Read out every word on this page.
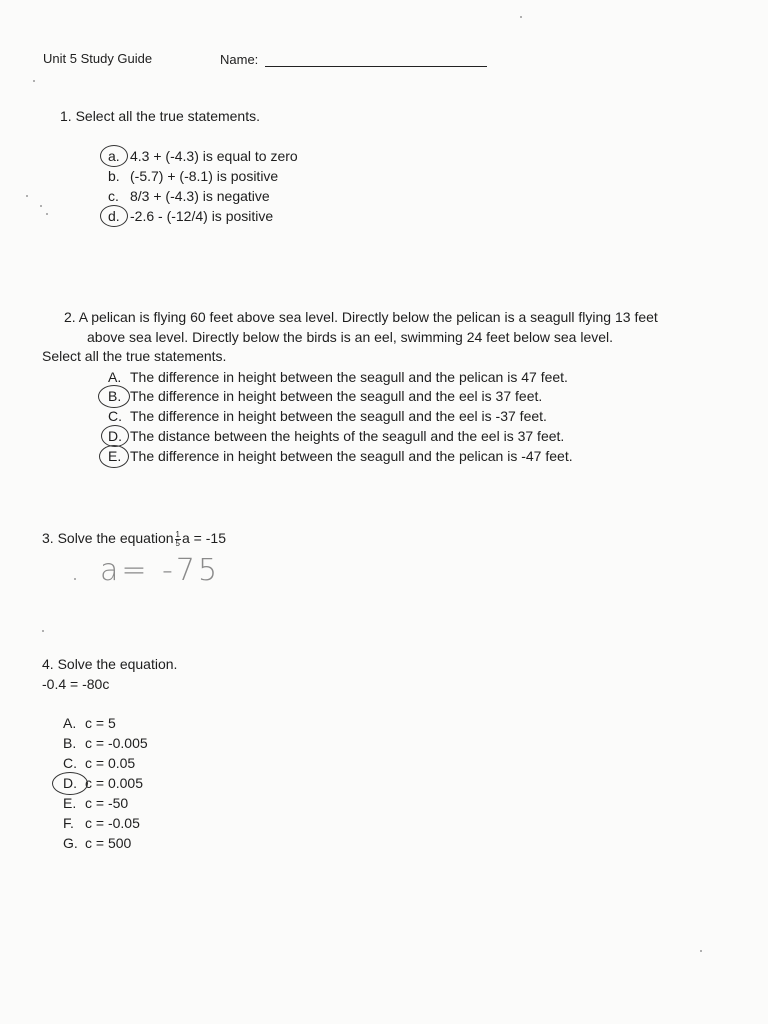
Unit 5 Study Guide	Name:
1. Select all the true statements.
a. 4.3 + (-4.3) is equal to zero
b. (-5.7) + (-8.1) is positive
c. 8/3 + (-4.3) is negative
d. -2.6 - (-12/4) is positive
2. A pelican is flying 60 feet above sea level. Directly below the pelican is a seagull flying 13 feet
above sea level. Directly below the birds is an eel, swimming 24 feet below sea level.
Select all the true statements.
A. The difference in height between the seagull and the pelican is 47 feet.
B. The difference in height between the seagull and the eel is 37 feet.
C. The difference in height between the seagull and the eel is -37 feet.
D. The distance between the heights of the seagull and the eel is 37 feet.
E. The difference in height between the seagull and the pelican is -47 feet.
3. Solve the equation $\frac{1}{5}$ a = -15
a= -75
4. Solve the equation.
-0.4 = -80c
A. c = 5
B. c = -0.005
C. c = 0.05
D. c = 0.005
E. c = -50
F. c = -0.05
G. c = 500
